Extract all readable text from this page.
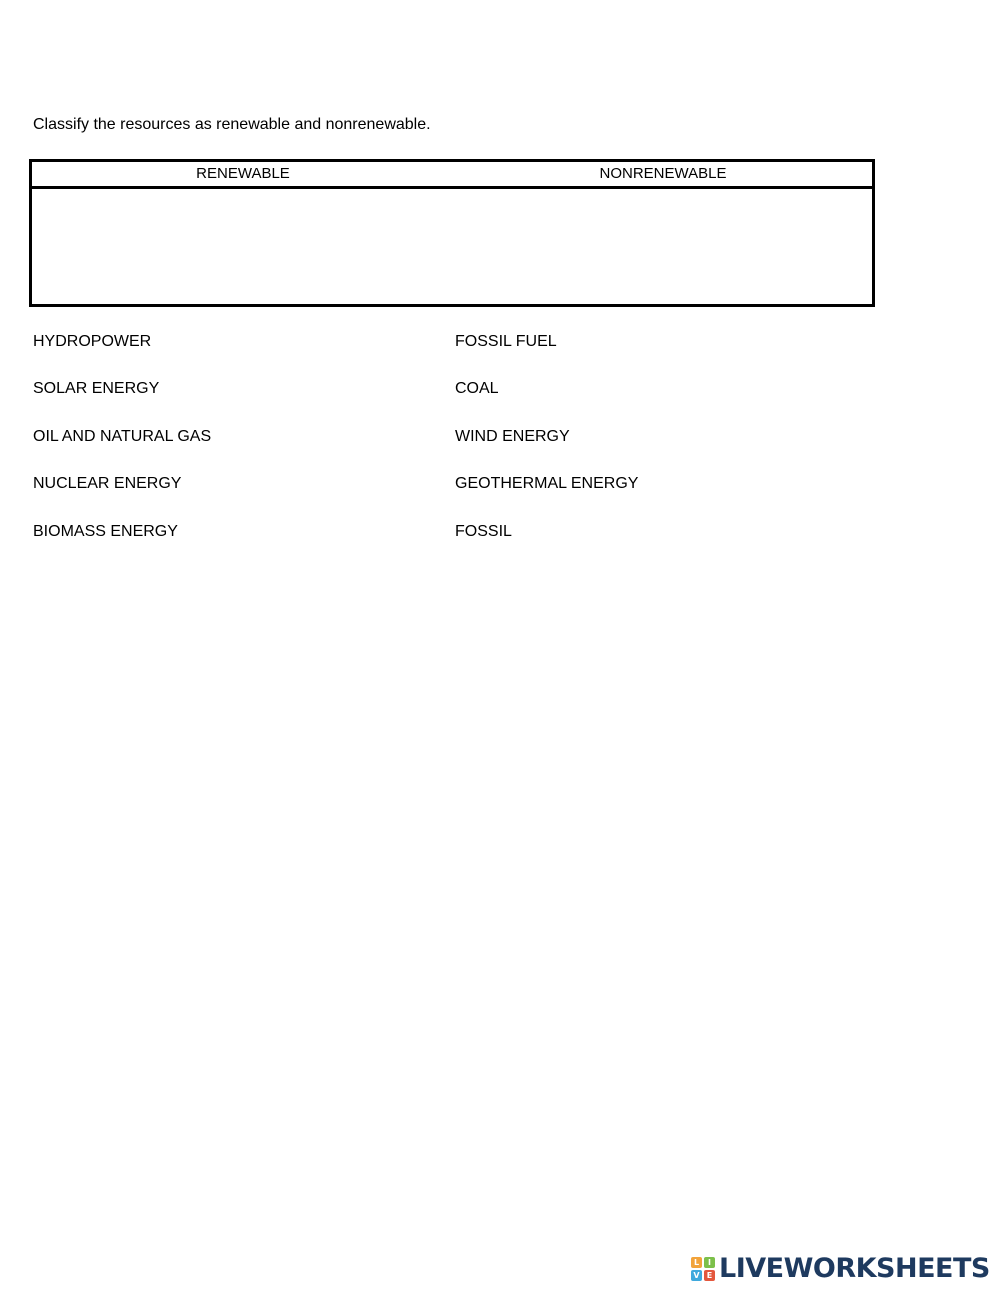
Classify the resources as renewable and nonrenewable.
RENEWABLE	NONRENEWABLE
HYDROPOWER
SOLAR ENERGY
OIL AND NATURAL GAS
NUCLEAR ENERGY
BIOMASS ENERGY
FOSSIL FUEL
COAL
WIND ENERGY
GEOTHERMAL ENERGY
FOSSIL
L	I
V E LIVEWORKSHEETS
